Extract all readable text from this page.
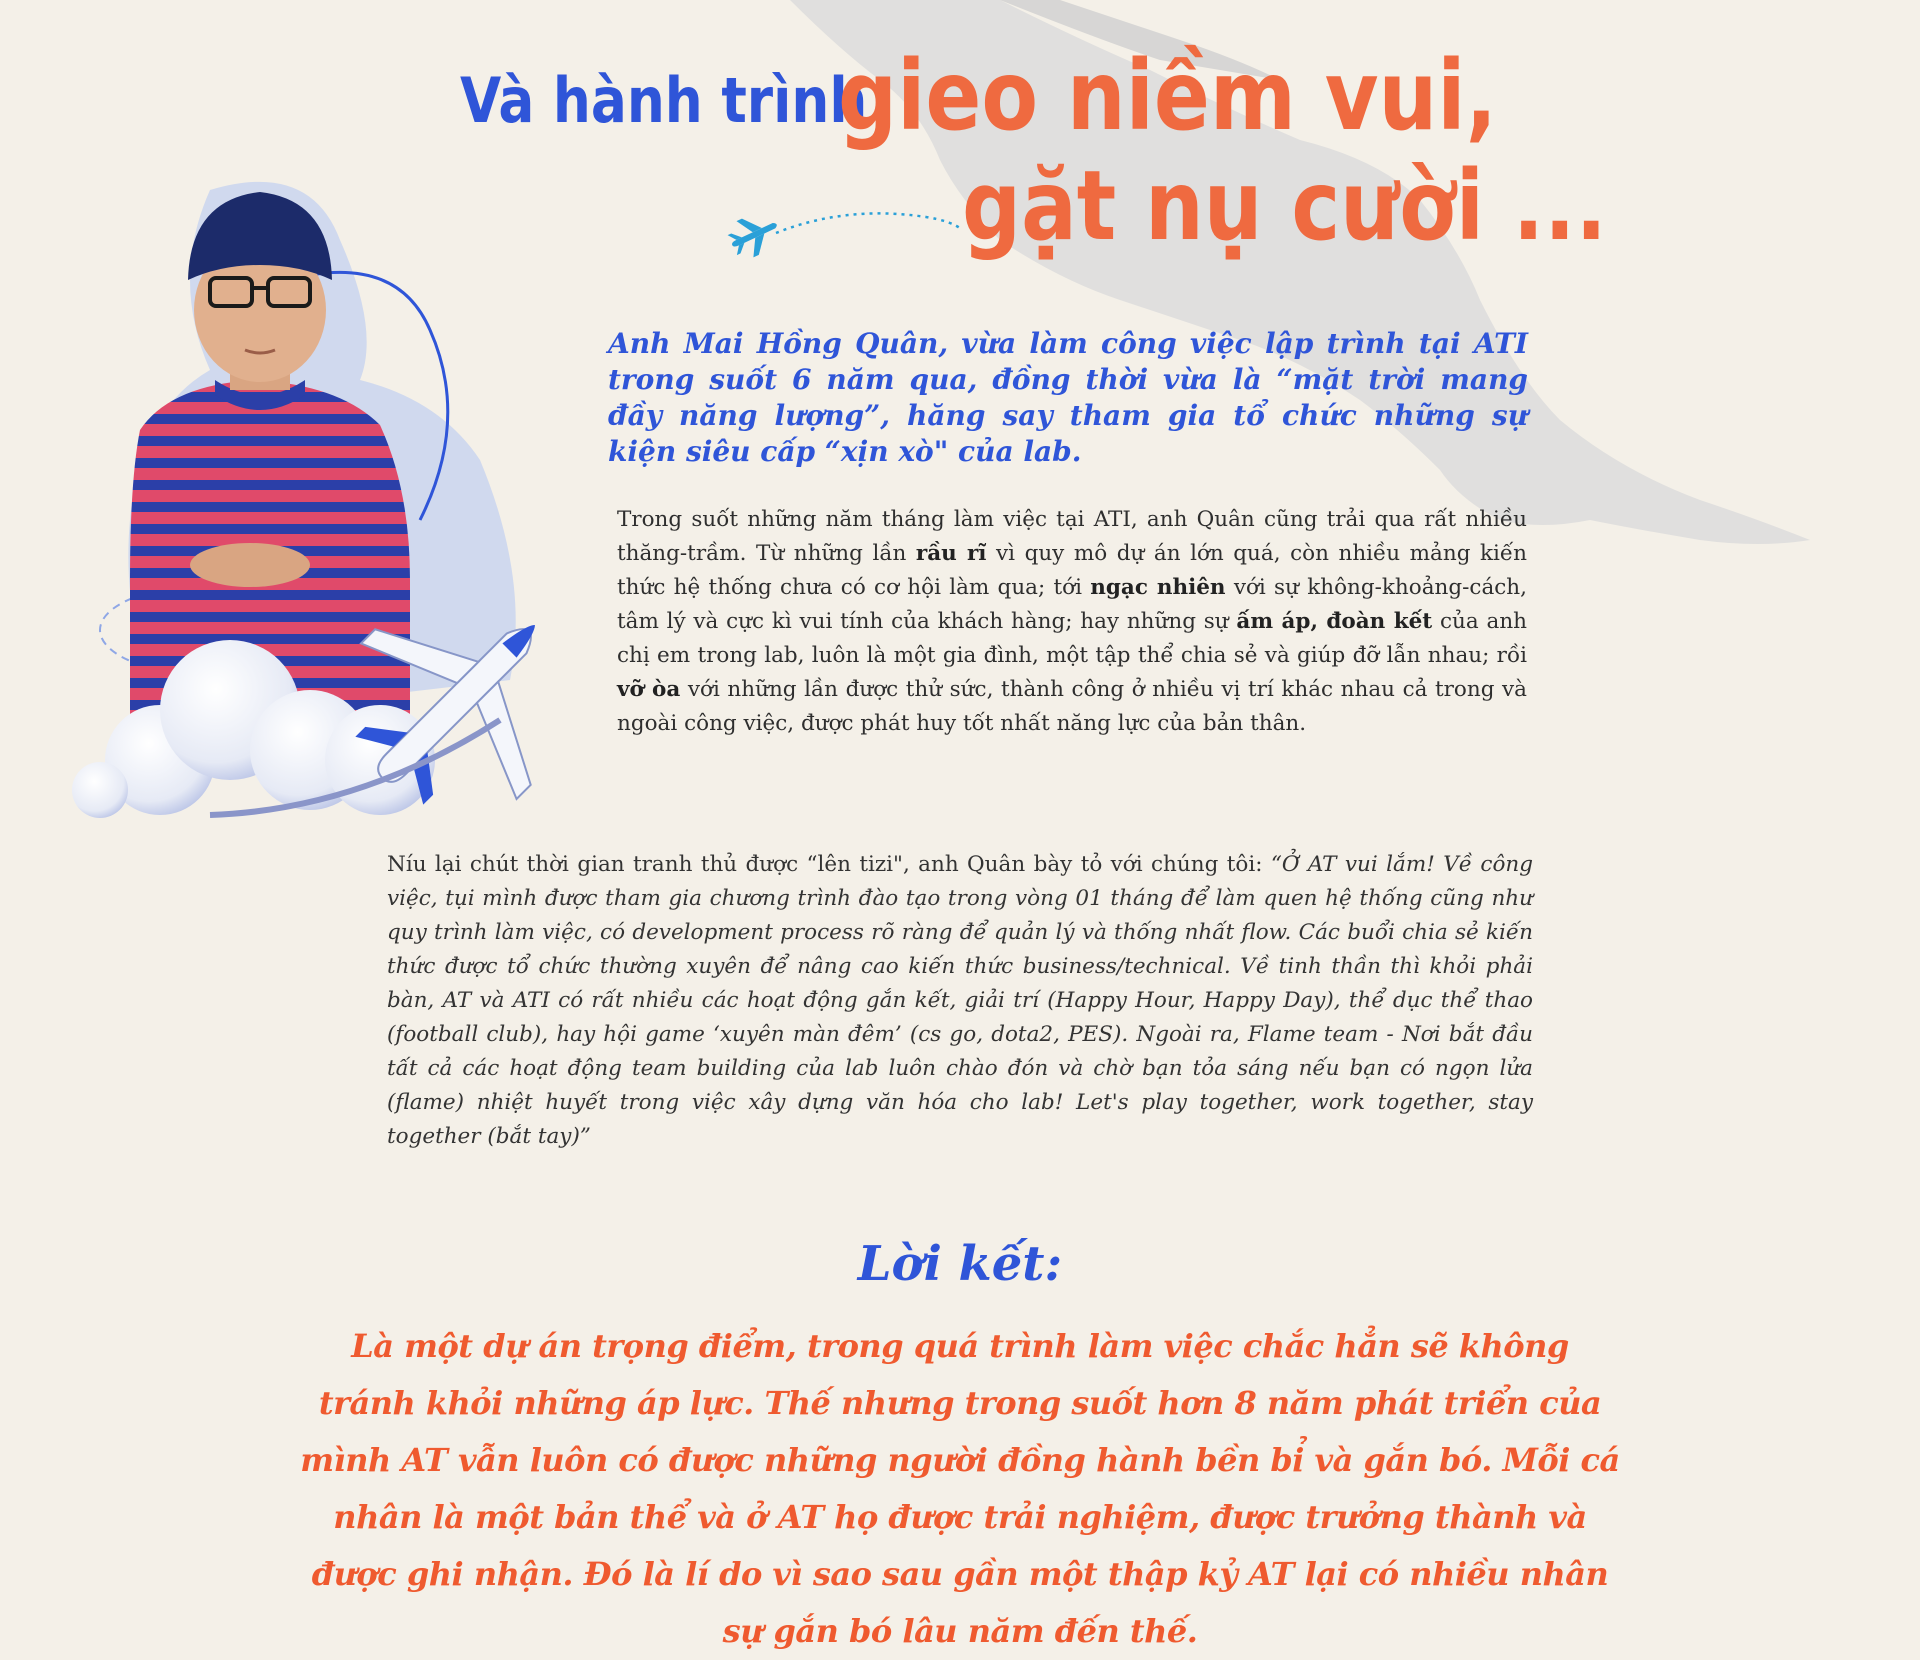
Và hành trình
gieo niềm vui,
gặt nụ cười ...
Anh Mai Hồng Quân, vừa làm công việc lập trình tại ATI trong suốt 6 năm qua, đồng thời vừa là “mặt trời mang đầy năng lượng”, hăng say tham gia tổ chức những sự kiện siêu cấp “xịn xò" của lab.
Trong suốt những năm tháng làm việc tại ATI, anh Quân cũng trải qua rất nhiều thăng-trầm. Từ những lần rầu rĩ vì quy mô dự án lớn quá, còn nhiều mảng kiến thức hệ thống chưa có cơ hội làm qua; tới ngạc nhiên với sự không-khoảng-cách, tâm lý và cực kì vui tính của khách hàng; hay những sự ấm áp, đoàn kết của anh chị em trong lab, luôn là một gia đình, một tập thể chia sẻ và giúp đỡ lẫn nhau; rồi vỡ òa với những lần được thử sức, thành công ở nhiều vị trí khác nhau cả trong và ngoài công việc, được phát huy tốt nhất năng lực của bản thân.
Níu lại chút thời gian tranh thủ được “lên tizi", anh Quân bày tỏ với chúng tôi: “Ở AT vui lắm! Về công việc, tụi mình được tham gia chương trình đào tạo trong vòng 01 tháng để làm quen hệ thống cũng như quy trình làm việc, có development process rõ ràng để quản lý và thống nhất flow. Các buổi chia sẻ kiến thức được tổ chức thường xuyên để nâng cao kiến thức business/technical. Về tinh thần thì khỏi phải bàn, AT và ATI có rất nhiều các hoạt động gắn kết, giải trí (Happy Hour, Happy Day), thể dục thể thao (football club), hay hội game ‘xuyên màn đêm’ (cs go, dota2, PES). Ngoài ra, Flame team - Nơi bắt đầu tất cả các hoạt động team building của lab luôn chào đón và chờ bạn tỏa sáng nếu bạn có ngọn lửa (flame) nhiệt huyết trong việc xây dựng văn hóa cho lab! Let's play together, work together, stay together (bắt tay)”
Lời kết:
Là một dự án trọng điểm, trong quá trình làm việc chắc hẳn sẽ không tránh khỏi những áp lực. Thế nhưng trong suốt hơn 8 năm phát triển của mình AT vẫn luôn có được những người đồng hành bền bỉ và gắn bó. Mỗi cá nhân là một bản thể và ở AT họ được trải nghiệm, được trưởng thành và được ghi nhận. Đó là lí do vì sao sau gần một thập kỷ AT lại có nhiều nhân sự gắn bó lâu năm đến thế.
